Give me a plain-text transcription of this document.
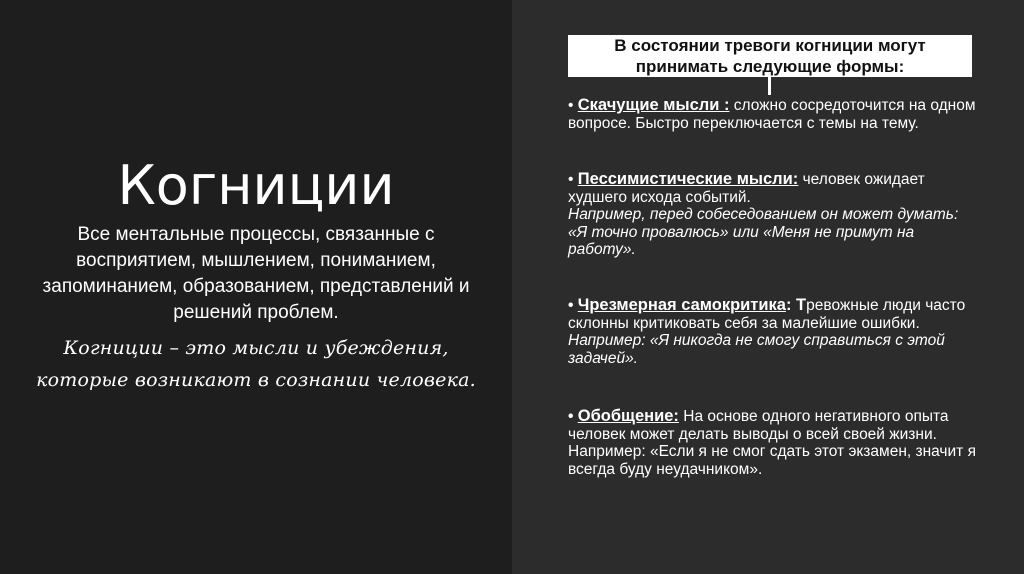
Когниции

Все ментальные процессы, связанные с восприятием, мышлением, пониманием, запоминанием, образованием, представлений и решений проблем.

Когниции – это мысли и убеждения, которые возникают в сознании человека.

В состоянии тревоги когниции могут
принимать следующие формы:
• Скачущие мысли : сложно сосредоточится на одном вопросе. Быстро переключается с темы на тему.
• Пессимистические мысли: человек ожидает худшего исхода событий.
Например, перед собеседованием он может думать: «Я точно провалюсь» или «Меня не примут на работу».
• Чрезмерная самокритика: Тревожные люди часто склонны критиковать себя за малейшие ошибки.
Например: «Я никогда не смогу справиться с этой задачей».
• Обобщение: На основе одного негативного опыта человек может делать выводы о всей своей жизни.
Например: «Если я не смог сдать этот экзамен, значит я всегда буду неудачником».
